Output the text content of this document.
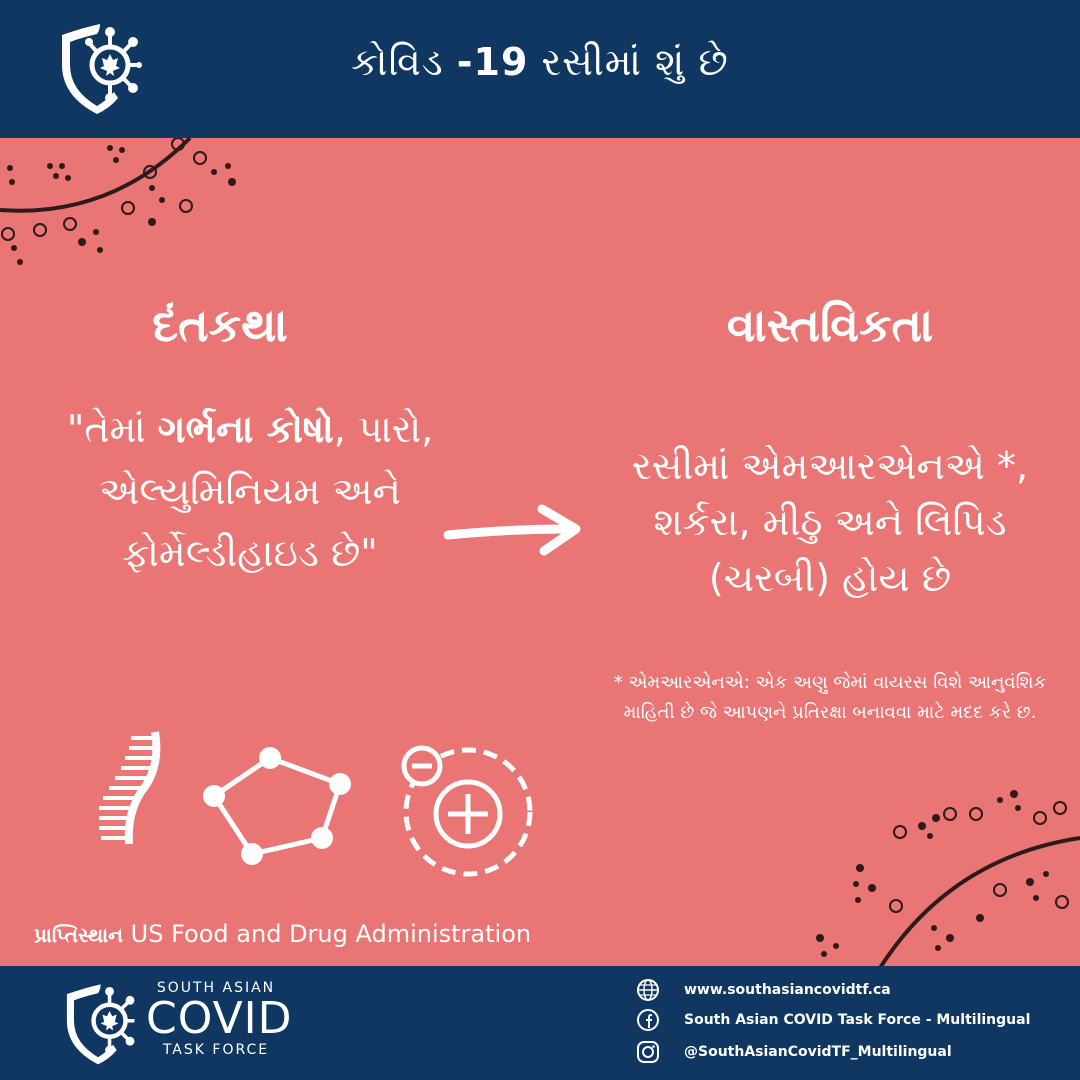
કોવિડ -19 રસીમાં શું છે
દંતકથા	વાસ્તવિકતા
"તેમાં ગર્ભના કોષો, પારો, એલ્યુમિનિયમ અને ફોર્મેલ્ડીહાઇડ છે"
રસીમાં એમઆરએનએ *, શર્કરા, મીઠુ અને લિપિડ (ચરબી) હોય છે
* એમઆરએનએ: એક અણુ જેમાં વાયરસ વિશે આનુવંશિક માહિતી છે જે આપણને પ્રતિરક્ષા બનાવવા માટે મદદ કરે છ.
પ્રાપ્તિસ્થાન US Food and Drug Administration
SOUTH ASIAN
COVID
TASK FORCE
www.southasiancovidtf.ca
South Asian COVID Task Force - Multilingual
@SouthAsianCovidTF_Multilingual
